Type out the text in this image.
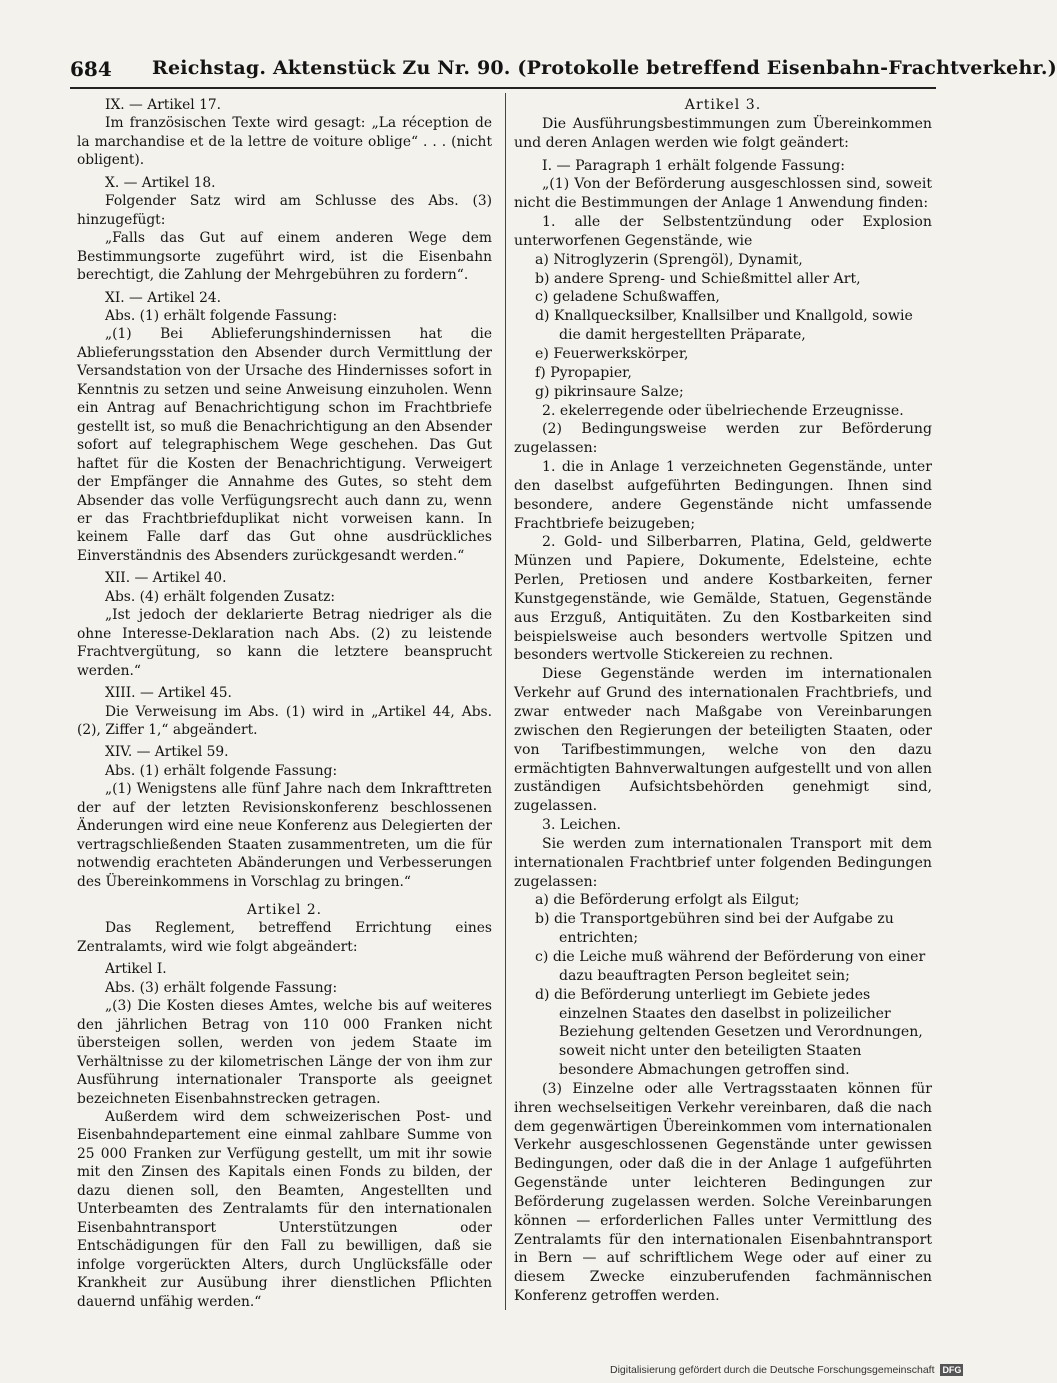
684 Reichstag. Aktenstück Zu Nr. 90. (Protokolle betreffend Eisenbahn-Frachtverkehr.)

IX. — Artikel 17.

Im französischen Texte wird gesagt: „La réception de la marchandise et de la lettre de voiture oblige“ . . . (nicht obligent).

X. — Artikel 18.

Folgender Satz wird am Schlusse des Abs. (3) hinzugefügt:

„Falls das Gut auf einem anderen Wege dem Bestimmungsorte zugeführt wird, ist die Eisenbahn berechtigt, die Zahlung der Mehrgebühren zu fordern“.

XI. — Artikel 24.

Abs. (1) erhält folgende Fassung:

„(1) Bei Ablieferungshindernissen hat die Ablieferungsstation den Absender durch Vermittlung der Versandstation von der Ursache des Hindernisses sofort in Kenntnis zu setzen und seine Anweisung einzuholen. Wenn ein Antrag auf Benachrichtigung schon im Frachtbriefe gestellt ist, so muß die Benachrichtigung an den Absender sofort auf telegraphischem Wege geschehen. Das Gut haftet für die Kosten der Benachrichtigung. Verweigert der Empfänger die Annahme des Gutes, so steht dem Absender das volle Verfügungsrecht auch dann zu, wenn er das Frachtbriefduplikat nicht vorweisen kann. In keinem Falle darf das Gut ohne ausdrückliches Einverständnis des Absenders zurückgesandt werden.“

XII. — Artikel 40.

Abs. (4) erhält folgenden Zusatz:

„Ist jedoch der deklarierte Betrag niedriger als die ohne Interesse-Deklaration nach Abs. (2) zu leistende Frachtvergütung, so kann die letztere beansprucht werden.“

XIII. — Artikel 45.

Die Verweisung im Abs. (1) wird in „Artikel 44, Abs. (2), Ziffer 1,“ abgeändert.

XIV. — Artikel 59.

Abs. (1) erhält folgende Fassung:

„(1) Wenigstens alle fünf Jahre nach dem Inkrafttreten der auf der letzten Revisionskonferenz beschlossenen Änderungen wird eine neue Konferenz aus Delegierten der vertragschließenden Staaten zusammentreten, um die für notwendig erachteten Abänderungen und Verbesserungen des Übereinkommens in Vorschlag zu bringen.“

Artikel 2.

Das Reglement, betreffend Errichtung eines Zentralamts, wird wie folgt abgeändert:

Artikel I.

Abs. (3) erhält folgende Fassung:

„(3) Die Kosten dieses Amtes, welche bis auf weiteres den jährlichen Betrag von 110 000 Franken nicht übersteigen sollen, werden von jedem Staate im Verhältnisse zu der kilometrischen Länge der von ihm zur Ausführung internationaler Transporte als geeignet bezeichneten Eisenbahnstrecken getragen.

Außerdem wird dem schweizerischen Post- und Eisenbahndepartement eine einmal zahlbare Summe von 25 000 Franken zur Verfügung gestellt, um mit ihr sowie mit den Zinsen des Kapitals einen Fonds zu bilden, der dazu dienen soll, den Beamten, Angestellten und Unterbeamten des Zentralamts für den internationalen Eisenbahntransport Unterstützungen oder Entschädigungen für den Fall zu bewilligen, daß sie infolge vorgerückten Alters, durch Unglücksfälle oder Krankheit zur Ausübung ihrer dienstlichen Pflichten dauernd unfähig werden.“

Artikel 3.

Die Ausführungsbestimmungen zum Übereinkommen und deren Anlagen werden wie folgt geändert:

I. — Paragraph 1 erhält folgende Fassung:

„(1) Von der Beförderung ausgeschlossen sind, soweit nicht die Bestimmungen der Anlage 1 Anwendung finden:

1. alle der Selbstentzündung oder Explosion unterworfenen Gegenstände, wie

a) Nitroglyzerin (Sprengöl), Dynamit,

b) andere Spreng- und Schießmittel aller Art,

c) geladene Schußwaffen,

d) Knallquecksilber, Knallsilber und Knallgold, sowie die damit hergestellten Präparate,

e) Feuerwerkskörper,

f) Pyropapier,

g) pikrinsaure Salze;

2. ekelerregende oder übelriechende Erzeugnisse.

(2) Bedingungsweise werden zur Beförderung zugelassen:

1. die in Anlage 1 verzeichneten Gegenstände, unter den daselbst aufgeführten Bedingungen. Ihnen sind besondere, andere Gegenstände nicht umfassende Frachtbriefe beizugeben;

2. Gold- und Silberbarren, Platina, Geld, geldwerte Münzen und Papiere, Dokumente, Edelsteine, echte Perlen, Pretiosen und andere Kostbarkeiten, ferner Kunstgegenstände, wie Gemälde, Statuen, Gegenstände aus Erzguß, Antiquitäten. Zu den Kostbarkeiten sind beispielsweise auch besonders wertvolle Spitzen und besonders wertvolle Stickereien zu rechnen.

Diese Gegenstände werden im internationalen Verkehr auf Grund des internationalen Frachtbriefs, und zwar entweder nach Maßgabe von Vereinbarungen zwischen den Regierungen der beteiligten Staaten, oder von Tarifbestimmungen, welche von den dazu ermächtigten Bahnverwaltungen aufgestellt und von allen zuständigen Aufsichtsbehörden genehmigt sind, zugelassen.

3. Leichen.

Sie werden zum internationalen Transport mit dem internationalen Frachtbrief unter folgenden Bedingungen zugelassen:

a) die Beförderung erfolgt als Eilgut;

b) die Transportgebühren sind bei der Aufgabe zu entrichten;

c) die Leiche muß während der Beförderung von einer dazu beauftragten Person begleitet sein;

d) die Beförderung unterliegt im Gebiete jedes einzelnen Staates den daselbst in polizeilicher Beziehung geltenden Gesetzen und Verordnungen, soweit nicht unter den beteiligten Staaten besondere Abmachungen getroffen sind.

(3) Einzelne oder alle Vertragsstaaten können für ihren wechselseitigen Verkehr vereinbaren, daß die nach dem gegenwärtigen Übereinkommen vom internationalen Verkehr ausgeschlossenen Gegenstände unter gewissen Bedingungen, oder daß die in der Anlage 1 aufgeführten Gegenstände unter leichteren Bedingungen zur Beförderung zugelassen werden. Solche Vereinbarungen können — erforderlichen Falles unter Vermittlung des Zentralamts für den internationalen Eisenbahntransport in Bern — auf schriftlichem Wege oder auf einer zu diesem Zwecke einzuberufenden fachmännischen Konferenz getroffen werden.

Digitalisierung gefördert durch die Deutsche Forschungsgemeinschaft DFG
